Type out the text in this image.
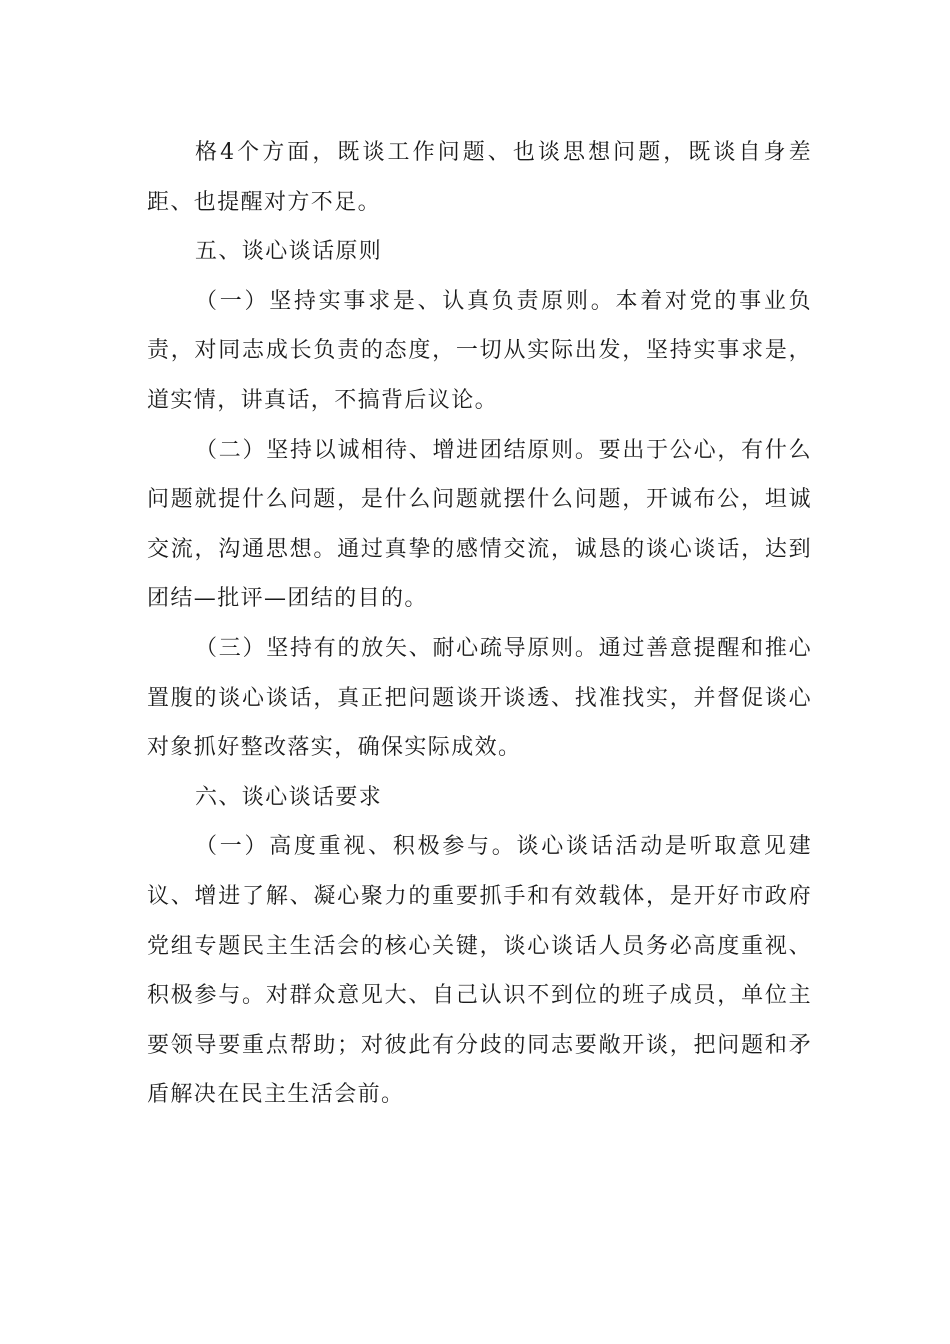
格4个方面，既谈工作问题、也谈思想问题，既谈自身差距、也提醒对方不足。

五、谈心谈话原则

（一）坚持实事求是、认真负责原则。本着对党的事业负责，对同志成长负责的态度，一切从实际出发，坚持实事求是，道实情，讲真话，不搞背后议论。

（二）坚持以诚相待、增进团结原则。要出于公心，有什么问题就提什么问题，是什么问题就摆什么问题，开诚布公，坦诚交流，沟通思想。通过真挚的感情交流，诚恳的谈心谈话，达到团结—批评—团结的目的。

（三）坚持有的放矢、耐心疏导原则。通过善意提醒和推心置腹的谈心谈话，真正把问题谈开谈透、找准找实，并督促谈心对象抓好整改落实，确保实际成效。

六、谈心谈话要求

（一）高度重视、积极参与。谈心谈话活动是听取意见建议、增进了解、凝心聚力的重要抓手和有效载体，是开好市政府党组专题民主生活会的核心关键，谈心谈话人员务必高度重视、积极参与。对群众意见大、自己认识不到位的班子成员，单位主要领导要重点帮助；对彼此有分歧的同志要敞开谈，把问题和矛盾解决在民主生活会前。
